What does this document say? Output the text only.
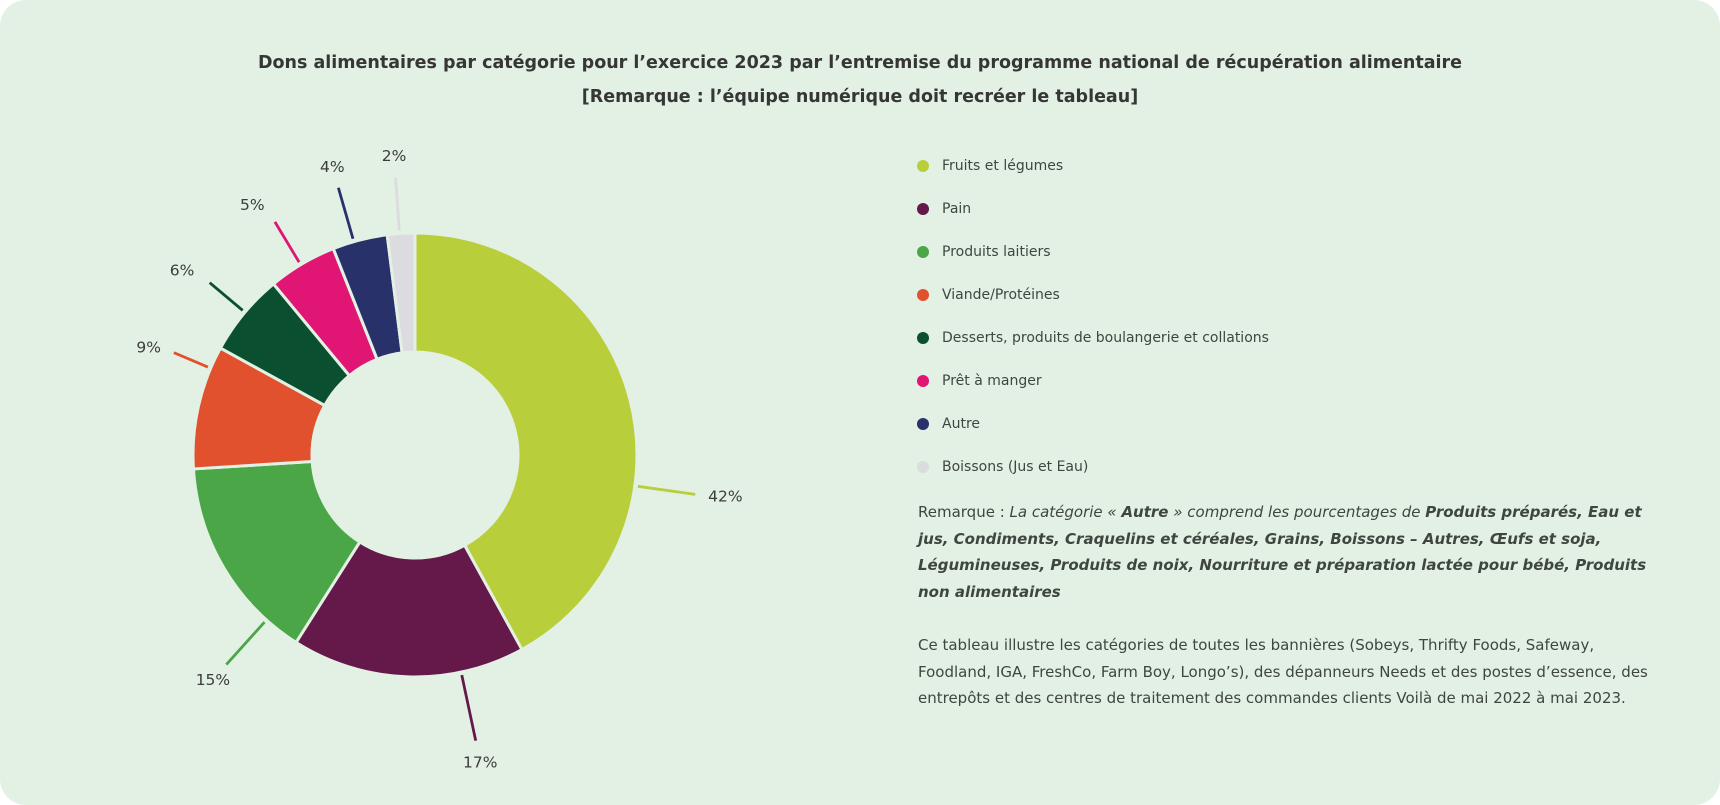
Dons alimentaires par catégorie pour l’exercice 2023 par l’entremise du programme national de récupération alimentaire
[Remarque : l’équipe numérique doit recréer le tableau]
42%
17%
15%
9%
6%
5%
4%
2%
Fruits et légumes
Pain
Produits laitiers
Viande/Protéines
Desserts, produits de boulangerie et collations
Prêt à manger
Autre
Boissons (Jus et Eau)

Remarque : La catégorie « Autre » comprend les pourcentages de Produits préparés, Eau et jus, Condiments, Craquelins et céréales, Grains, Boissons – Autres, Œufs et soja, Légumineuses, Produits de noix, Nourriture et préparation lactée pour bébé, Produits non alimentaires

Ce tableau illustre les catégories de toutes les bannières (Sobeys, Thrifty Foods, Safeway, Foodland, IGA, FreshCo, Farm Boy, Longo’s), des dépanneurs Needs et des postes d’essence, des entrepôts et des centres de traitement des commandes clients Voilà de mai 2022 à mai 2023.
